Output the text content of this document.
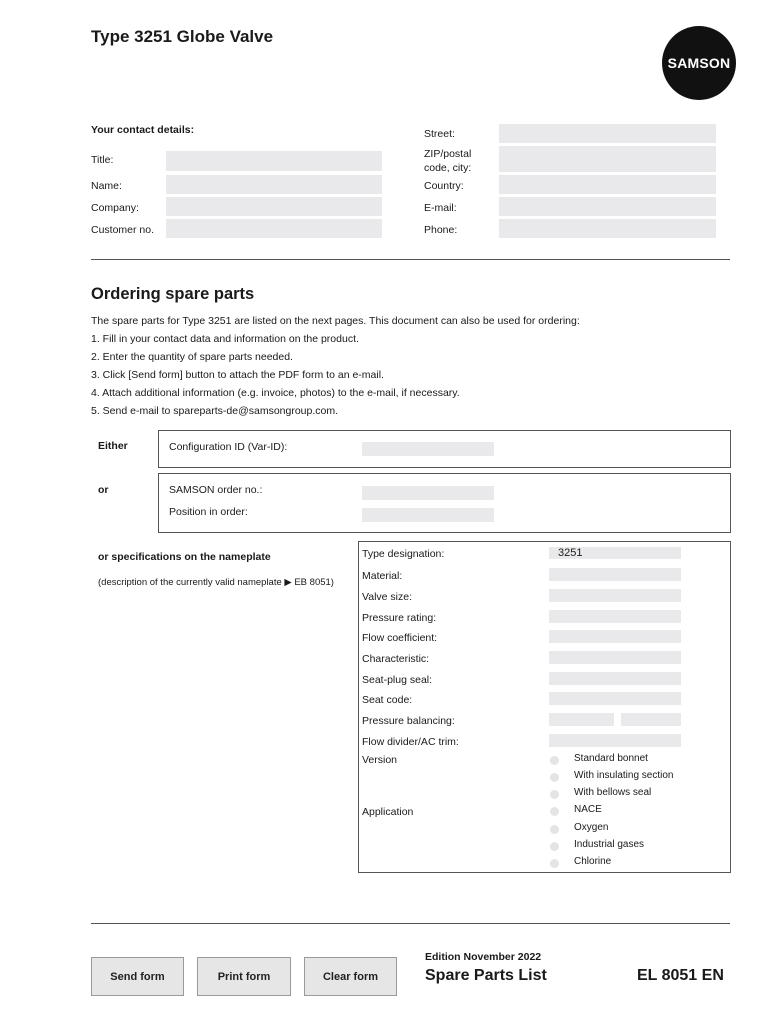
Type 3251 Globe Valve
SAMSON
Your contact details:
Title:
Name:
Company:
Customer no.
Street:
ZIP/postal
code, city:
Country:
E-mail:
Phone:
Ordering spare parts
The spare parts for Type 3251 are listed on the next pages. This document can also be used for ordering:
1. Fill in your contact data and information on the product.
2. Enter the quantity of spare parts needed.
3. Click [Send form] button to attach the PDF form to an e-mail.
4. Attach additional information (e.g. invoice, photos) to the e-mail, if necessary.
5. Send e-mail to spareparts-de@samsongroup.com.
Either	Configuration ID (Var-ID):
or	SAMSON order no.:
Position in order:
or specifications on the nameplate
(description of the currently valid nameplate ▶ EB 8051)
Type designation:	3251
Material:
Valve size:
Pressure rating:
Flow coefficient:
Characteristic:
Seat-plug seal:
Seat code:
Pressure balancing:
Flow divider/AC trim:
Version	Standard bonnet
With insulating section
With bellows seal
Application	NACE
Oxygen
Industrial gases
Chlorine
Send form	Print form	Clear form
Edition November 2022
Spare Parts List	EL 8051 EN
